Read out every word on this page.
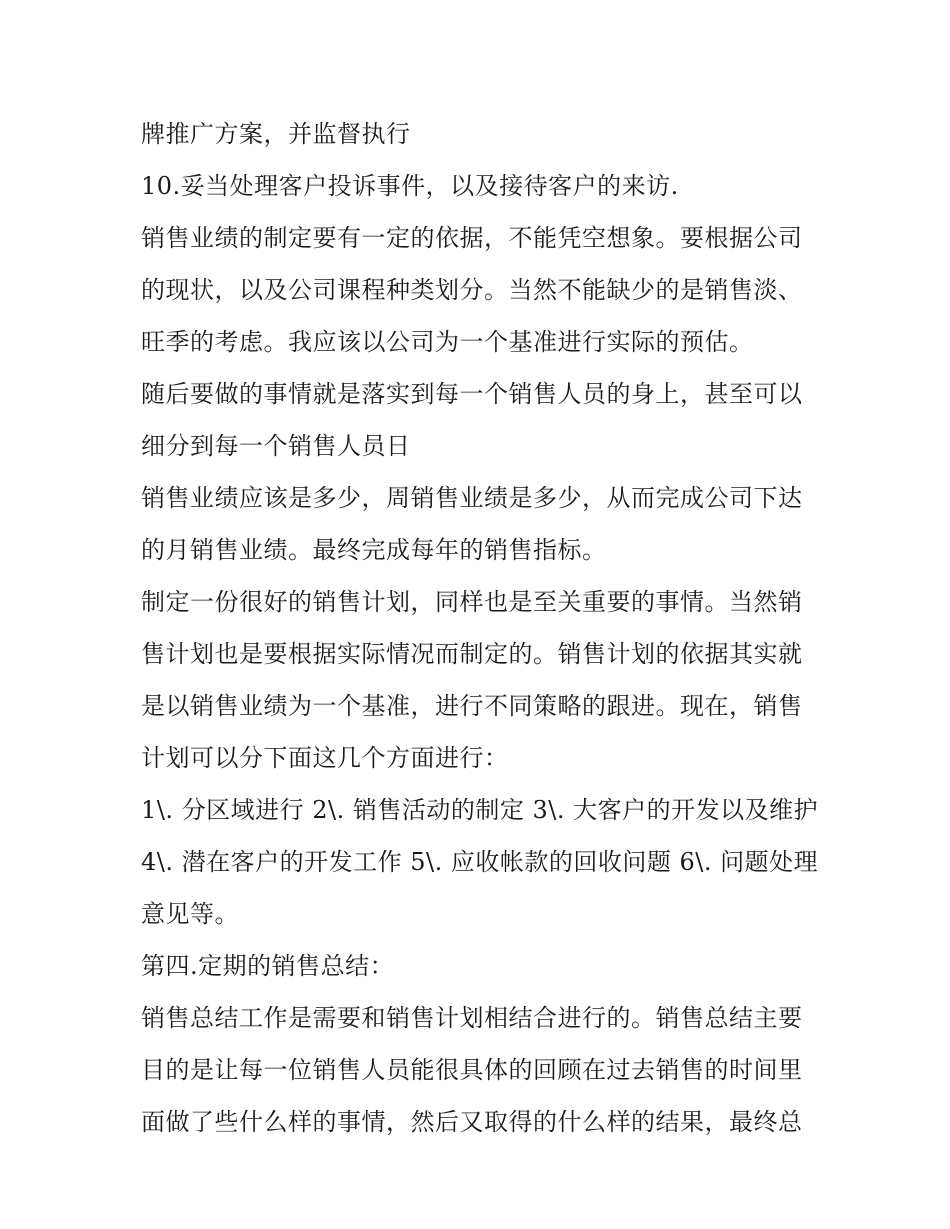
牌推广方案，并监督执行
10.妥当处理客户投诉事件，以及接待客户的来访.
销售业绩的制定要有一定的依据，不能凭空想象。要根据公司
的现状，以及公司课程种类划分。当然不能缺少的是销售淡、
旺季的考虑。我应该以公司为一个基准进行实际的预估。
随后要做的事情就是落实到每一个销售人员的身上，甚至可以
细分到每一个销售人员日
销售业绩应该是多少，周销售业绩是多少，从而完成公司下达
的月销售业绩。最终完成每年的销售指标。
制定一份很好的销售计划，同样也是至关重要的事情。当然销
售计划也是要根据实际情况而制定的。销售计划的依据其实就
是以销售业绩为一个基准，进行不同策略的跟进。现在，销售
计划可以分下面这几个方面进行：
1\. 分区域进行 2\. 销售活动的制定 3\. 大客户的开发以及维护
4\. 潜在客户的开发工作 5\. 应收帐款的回收问题 6\. 问题处理
意见等。
第四.定期的销售总结：
销售总结工作是需要和销售计划相结合进行的。销售总结主要
目的是让每一位销售人员能很具体的回顾在过去销售的时间里
面做了些什么样的事情，然后又取得的什么样的结果，最终总
